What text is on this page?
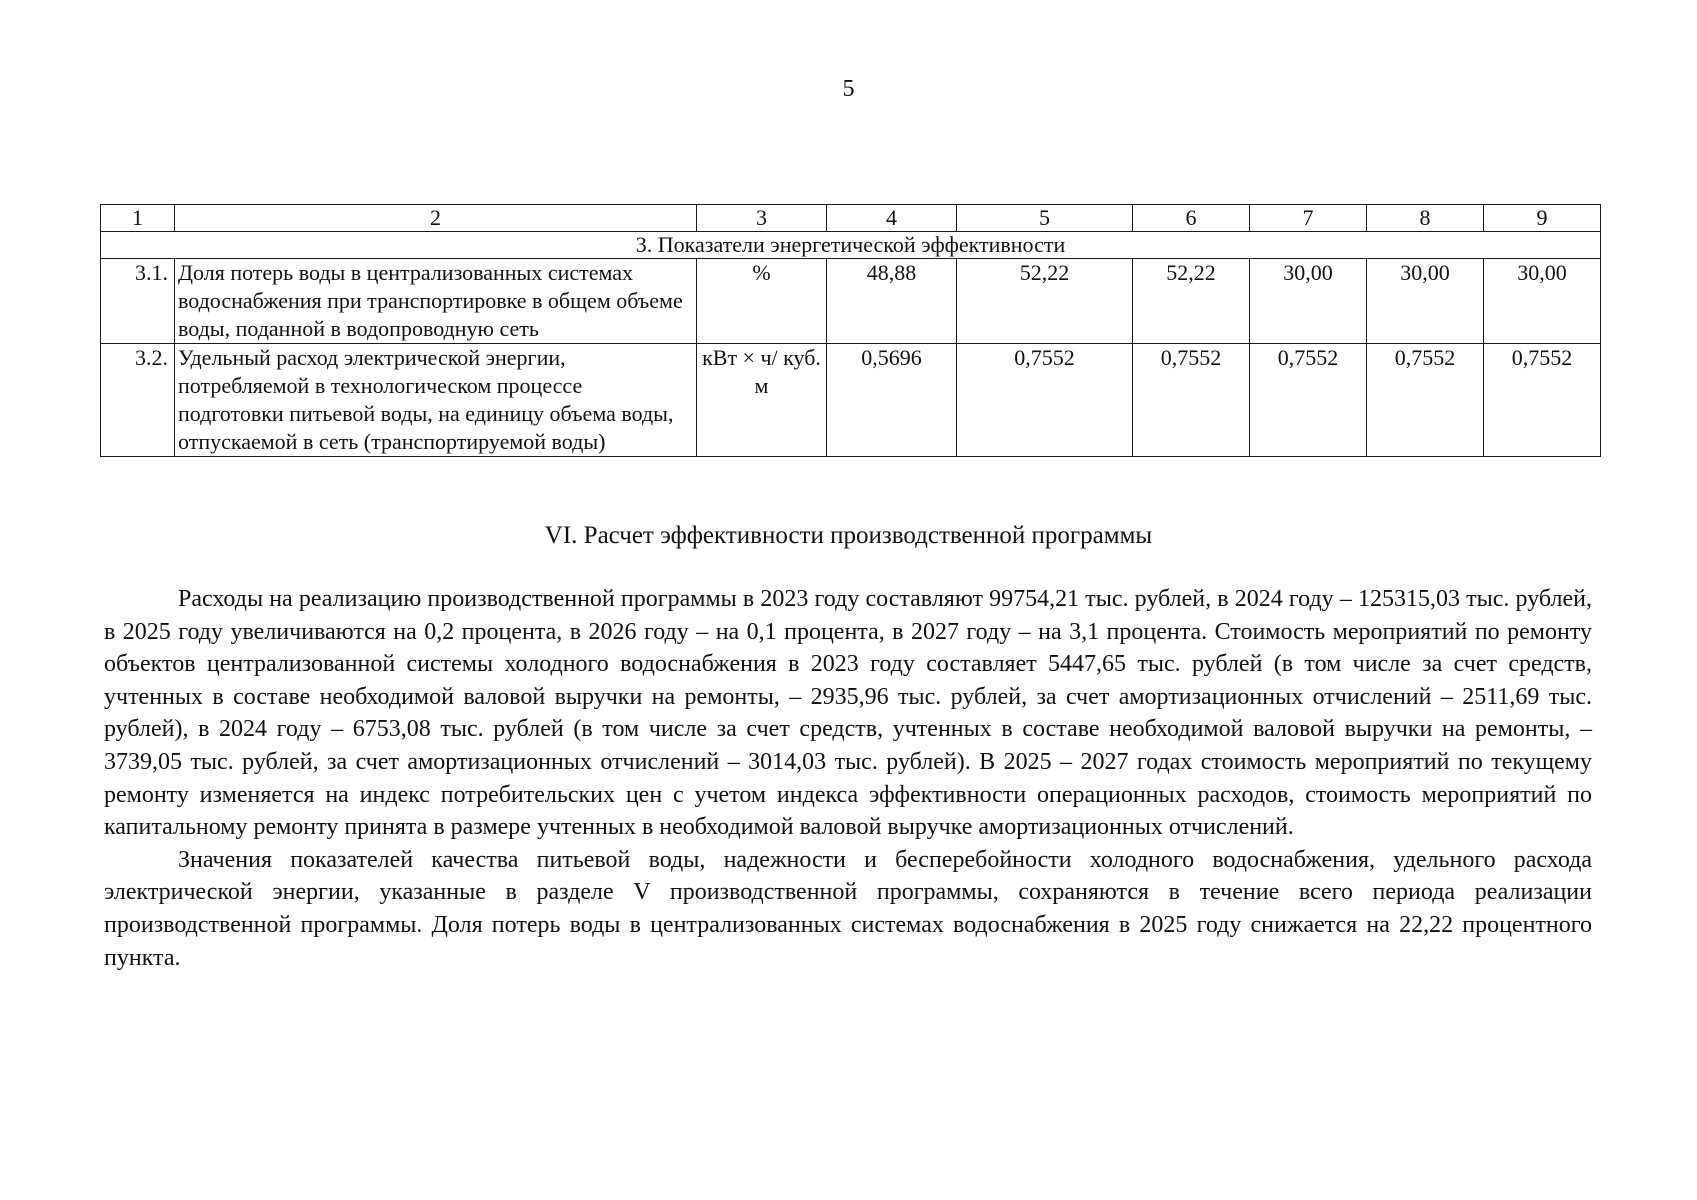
5
1	2	3	4	5	6	7	8	9
3. Показатели энергетической эффективности								
3.1.	Доля потерь воды в централизованных системах водоснабжения при транспортировке в общем объеме воды, поданной в водопроводную сеть	%	48,88	52,22	52,22	30,00	30,00	30,00
3.2.	Удельный расход электрической энергии, потребляемой в технологическом процессе подготовки питьевой воды, на единицу объема воды, отпускаемой в сеть (транспортируемой воды)	кВт × ч/ куб. м	0,5696	0,7552	0,7552	0,7552	0,7552	0,7552
VI. Расчет эффективности производственной программы

Расходы на реализацию производственной программы в 2023 году составляют 99754,21 тыс. рублей, в 2024 году – 125315,03 тыс. рублей, в 2025 году увеличиваются на 0,2 процента, в 2026 году – на 0,1 процента, в 2027 году – на 3,1 процента. Стоимость мероприятий по ремонту объектов централизованной системы холодного водоснабжения в 2023 году составляет 5447,65 тыс. рублей (в том числе за счет средств, учтенных в составе необходимой валовой выручки на ремонты, – 2935,96 тыс. рублей, за счет амортизационных отчислений – 2511,69 тыс. рублей), в 2024 году – 6753,08 тыс. рублей (в том числе за счет средств, учтенных в составе необходимой валовой выручки на ремонты, – 3739,05 тыс. рублей, за счет амортизационных отчислений – 3014,03 тыс. рублей). В 2025 – 2027 годах стоимость мероприятий по текущему ремонту изменяется на индекс потребительских цен с учетом индекса эффективности операционных расходов, стоимость мероприятий по капитальному ремонту принята в размере учтенных в необходимой валовой выручке амортизационных отчислений.

Значения показателей качества питьевой воды, надежности и бесперебойности холодного водоснабжения, удельного расхода электрической энергии, указанные в разделе V производственной программы, сохраняются в течение всего периода реализации производственной программы. Доля потерь воды в централизованных системах водоснабжения в 2025 году снижается на 22,22 процентного пункта.
